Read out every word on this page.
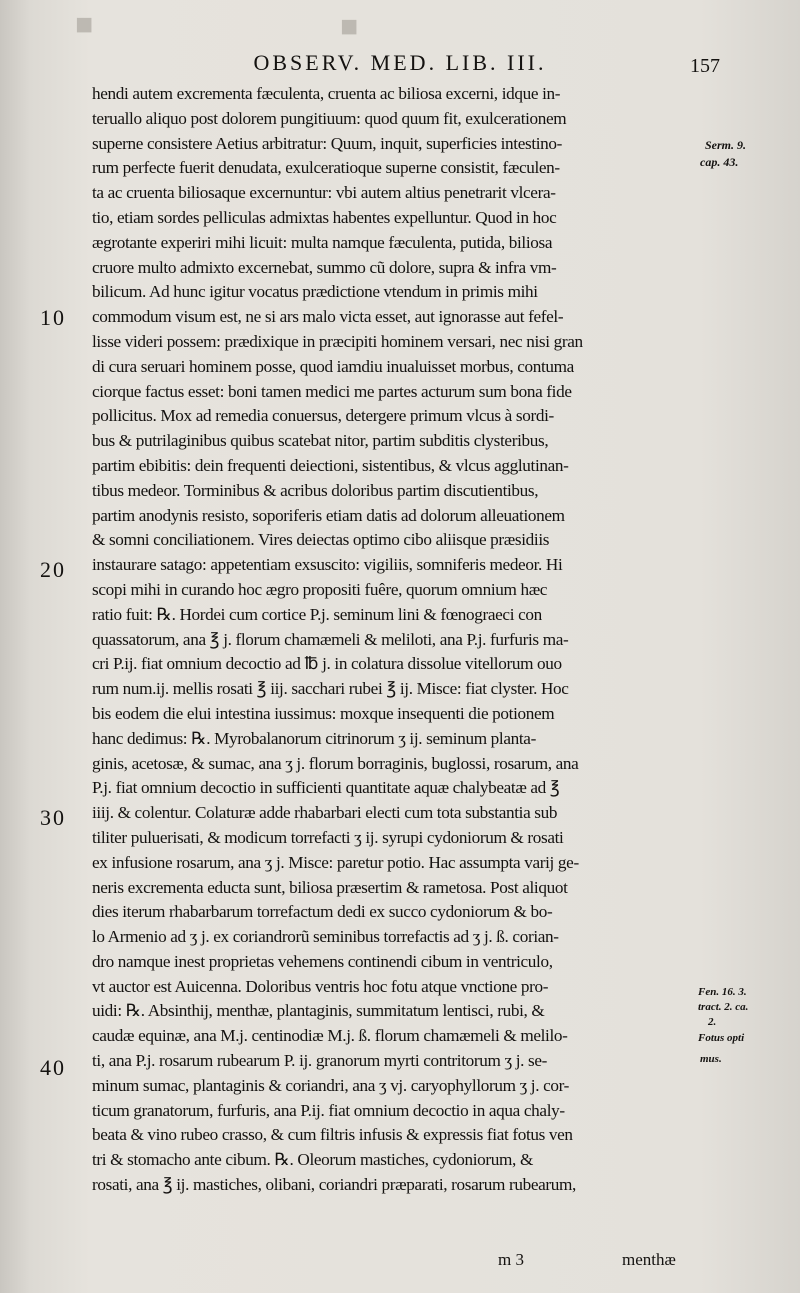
■	■
OBSERV. MED. LIB. III.	157
hendi autem excrementa fæculenta, cruenta ac biliosa excerni, idque in-
teruallo aliquo post dolorem pungitiuum: quod quum fit, exulcerationem
superne consistere Aetius arbitratur: Quum, inquit, superficies intestino-
rum perfecte fuerit denudata, exulceratioque superne consistit, fæculen-
ta ac cruenta biliosaque excernuntur: vbi autem altius penetrarit vlcera-
tio, etiam sordes pelliculas admixtas habentes expelluntur. Quod in hoc
ægrotante experiri mihi licuit: multa namque fæculenta, putida, biliosa
cruore multo admixto excernebat, summo cũ dolore, supra & infra vm-
bilicum. Ad hunc igitur vocatus prædictione vtendum in primis mihi
commodum visum est, ne si ars malo victa esset, aut ignorasse aut fefel-
lisse videri possem: prædixique in præcipiti hominem versari, nec nisi gran
di cura seruari hominem posse, quod iamdiu inualuisset morbus, contuma
ciorque factus esset: boni tamen medici me partes acturum sum bona fide
pollicitus. Mox ad remedia conuersus, detergere primum vlcus à sordi-
bus & putrilaginibus quibus scatebat nitor, partim subditis clysteribus,
partim ebibitis: dein frequenti deiectioni, sistentibus, & vlcus agglutinan-
tibus medeor. Torminibus & acribus doloribus partim discutientibus,
partim anodynis resisto, soporiferis etiam datis ad dolorum alleuationem
& somni conciliationem. Vires deiectas optimo cibo aliisque præsidiis
instaurare satago: appetentiam exsuscito: vigiliis, somniferis medeor. Hi
scopi mihi in curando hoc ægro propositi fuêre, quorum omnium hæc
ratio fuit: ℞. Hordei cum cortice P.j. seminum lini & fœnograeci con
quassatorum, ana ℥ j. florum chamæmeli & meliloti, ana P.j. furfuris ma-
cri P.ij. fiat omnium decoctio ad ℔ j. in colatura dissolue vitellorum ouo
rum num.ij. mellis rosati ℥ iij. sacchari rubei ℥ ij. Misce: fiat clyster. Hoc
bis eodem die elui intestina iussimus: moxque insequenti die potionem
hanc dedimus: ℞. Myrobalanorum citrinorum ʒ ij. seminum planta-
ginis, acetosæ, & sumac, ana ʒ j. florum borraginis, buglossi, rosarum, ana
P.j. fiat omnium decoctio in sufficienti quantitate aquæ chalybeatæ ad ℥
iiij. & colentur. Colaturæ adde rhabarbari electi cum tota substantia sub
tiliter puluerisati, & modicum torrefacti ʒ ij. syrupi cydoniorum & rosati
ex infusione rosarum, ana ʒ j. Misce: paretur potio. Hac assumpta varij ge-
neris excrementa educta sunt, biliosa præsertim & rametosa. Post aliquot
dies iterum rhabarbarum torrefactum dedi ex succo cydoniorum & bo-
lo Armenio ad ʒ j. ex coriandrorũ seminibus torrefactis ad ʒ j. ß. corian-
dro namque inest proprietas vehemens continendi cibum in ventriculo,
vt auctor est Auicenna. Doloribus ventris hoc fotu atque vnctione pro-
uidi: ℞. Absinthij, menthæ, plantaginis, summitatum lentisci, rubi, &
caudæ equinæ, ana M.j. centinodiæ M.j. ß. florum chamæmeli & melilo-
ti, ana P.j. rosarum rubearum P. ij. granorum myrti contritorum ʒ j. se-
minum sumac, plantaginis & coriandri, ana ʒ vj. caryophyllorum ʒ j. cor-
ticum granatorum, furfuris, ana P.ij. fiat omnium decoctio in aqua chaly-
beata & vino rubeo crasso, & cum filtris infusis & expressis fiat fotus ven
tri & stomacho ante cibum. ℞. Oleorum mastiches, cydoniorum, &
rosati, ana ℥ ij. mastiches, olibani, coriandri præparati, rosarum rubearum,
10
20
30
40
Serm. 9.
cap. 43.
Fen. 16. 3.
tract. 2. ca.
2.
Fotus opti
mus.
m 3	menthæ
